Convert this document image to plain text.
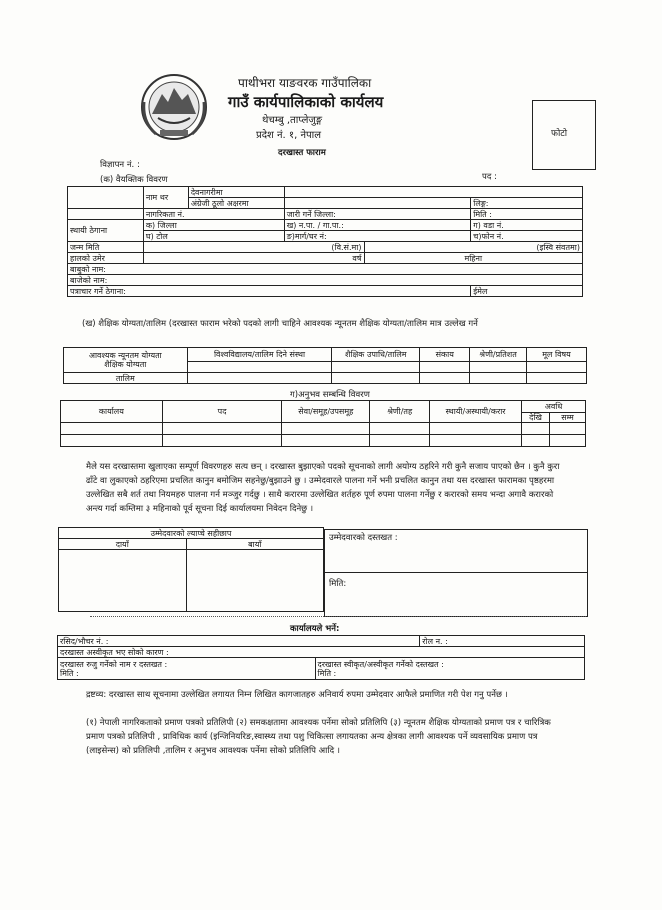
पाथीभरा याङवरक गाउँपालिका
गाउँ कार्यपालिकाको कार्यलय
थेचम्बु ,ताप्लेजुङ्ग
प्रदेश नं. १, नेपाल
दरखास्त फाराम
फोटो
विज्ञापन नं. :
पद :
(क) वैयक्तिक विवरण
	नाम थर	देवनागरीमा			
		अंग्रेजी ठूलो अक्षरमा			लिङ्ग:
	नागरिकता नं.		जारी गर्ने जिल्ला:		मिति :
स्थायी ठेगाना	क) जिल्ला		ख) न.पा. / गा.पा.:		ग) वडा नं.
	घ) टोल		ङ)मार्ग/घर नं:		च)फोन नं.
जन्म मिति	(वि.सं.मा)			(इस्वि संवतमा)	
हालको उमेर	वर्ष			महिना	
बाबुको नाम:					
बाजेको नाम:					
पत्राचार गर्ने ठेगाना:					ईमेल
(ख) शैक्षिक योग्यता/तालिम (दरखास्त फाराम भरेको पदको लागी चाहिने आवश्यक न्यूनतम शैक्षिक योग्यता/तालिम मात्र उल्लेख गर्ने
आवश्यक न्यूनतम योग्यता
शैक्षिक योग्यता	विश्वविद्यालय/तालिम दिने संस्था	शैक्षिक उपाधि/तालिम	संकाय	श्रेणी/प्रतिशत	मूल विषय

तालिम					
ग)अनुभव सम्बन्धि विवरण
कार्यालय	पद	सेवा/समूह/उपसमूह	श्रेणी/तह	स्थायी/अस्थायी/करार	अवधि	
					देखि	सम्म

मैले यस दरखास्तमा खुलाएका सम्पूर्ण विवरणहरु सत्य छन् । दरखास्त बुझाएको पदको सूचनाको लागी अयोग्य ठहरिने गरी कुनै सजाय पाएको छैन । कुनै कुरा ढाँटे वा लुकाएको ठहरिएमा प्रचलित कानुन बमोजिम सहनेछु/बुझाउने छु । उम्मेदवारले पालना गर्ने भनी प्रचलित कानुन तथा यस दरखास्त फारामका पृष्ठहरमा उल्लेखित सबै शर्त तथा नियमहरु पालना गर्न मञ्जुर गर्दछु । साथै करारमा उल्लेखित शर्तहरु पूर्ण रुपमा पालना गर्नेछु र करारको समय भन्दा अगावै करारको अन्त्य गर्दा कम्तिमा ३ महिनाको पूर्व सूचना दिई कार्यालयमा निवेदन दिनेछु ।
उम्मेदवारको ल्याप्चे सहीछाप	
दायाँ	बायाँ

उम्मेदवारको दस्तखत :
मिति:
कार्यालयले भर्ने:
रसिद/भौचर नं. :		रोल न. :
दरखास्त अस्वीकृत भए सोको कारण :		
दरखास्त रुजु गर्नेको नाम र दस्तखत :
मिति :	दरखास्त स्वीकृत/अस्वीकृत गर्नेको दस्तखत :
मिति :	
द्रष्टव्य: दरखास्त साथ सूचनामा उल्लेखित लगायत निम्न लिखित कागजातहरु अनिवार्य रुपमा उम्मेदवार आफैले प्रमाणित गरी पेश गनु पर्नेछ ।
(१) नेपाली नागरिकताको प्रमाण पत्रको प्रतिलिपी (२) समकक्षतामा आवश्यक पर्नेमा सोको प्रतिलिपि (३) न्यूनतम शैक्षिक योग्यताको प्रमाण पत्र र चारित्रिक प्रमाण पत्रको प्रतिलिपी , प्राविधिक कार्य (इन्जिनियरिङ,स्वास्थ्य तथा पशु चिकित्सा लगायतका अन्य क्षेत्रका लागी आवश्यक पर्ने व्यवसायिक प्रमाण पत्र (लाइसेन्स) को प्रतिलिपी ,तालिम र अनुभव आवश्यक पर्नेमा सोको प्रतिलिपि आदि ।
